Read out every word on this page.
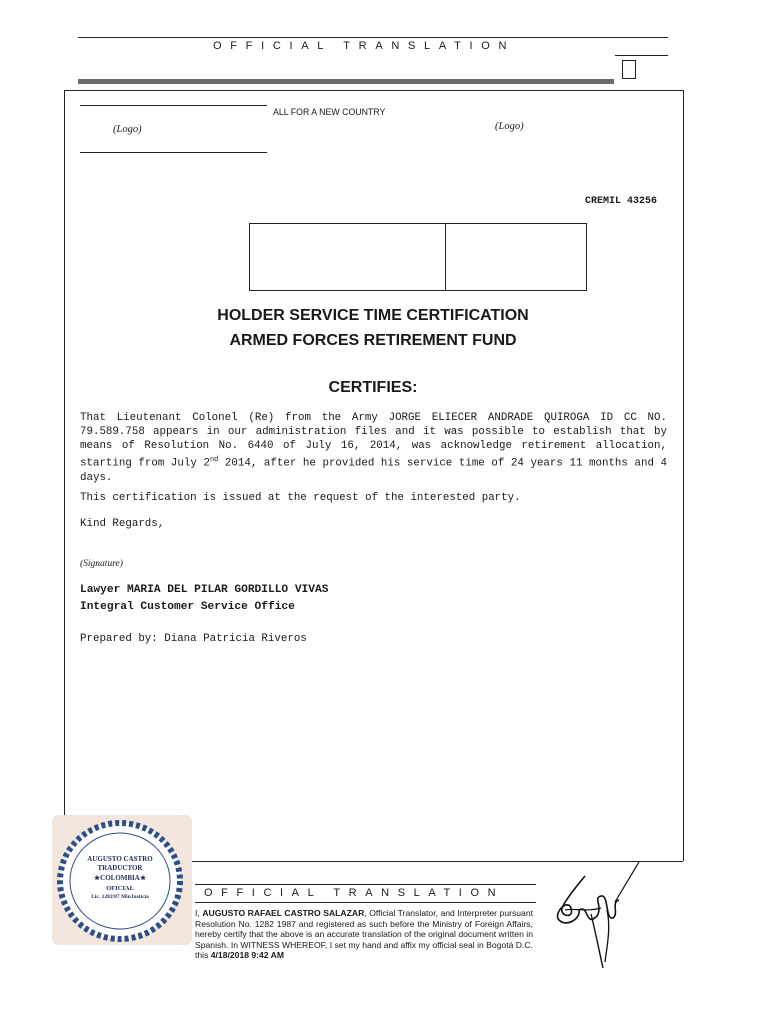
OFFICIAL TRANSLATION
ALL FOR A NEW COUNTRY
(Logo)	(Logo)
CREMIL 43256
HOLDER SERVICE TIME CERTIFICATION
ARMED FORCES RETIREMENT FUND
CERTIFIES:
That Lieutenant Colonel (Re) from the Army JORGE ELIECER ANDRADE QUIROGA ID CC NO. 79.589.758 appears in our administration files and it was possible to establish that by means of Resolution No. 6440 of July 16, 2014, was acknowledge retirement allocation, starting from July 2nd 2014, after he provided his service time of 24 years 11 months and 4 days.
This certification is issued at the request of the interested party.
Kind Regards,
(Signature)
Lawyer MARIA DEL PILAR GORDILLO VIVAS
Integral Customer Service Office
Prepared by: Diana Patricia Riveros
AUGUSTO CASTRO
TRADUCTOR
★COLOMBIA★
OFICIAL
Lic. 1282/87 MinJusticia	OFFICIAL TRANSLATION
I, AUGUSTO RAFAEL CASTRO SALAZAR, Official Translator, and Interpreter pursuant Resolution No. 1282 1987 and registered as such before the Ministry of Foreign Affairs, hereby certify that the above is an accurate translation of the original document written in Spanish. In WITNESS WHEREOF, I set my hand and affix my official seal in Bogotá D.C. this 4/18/2018 9:42 AM
